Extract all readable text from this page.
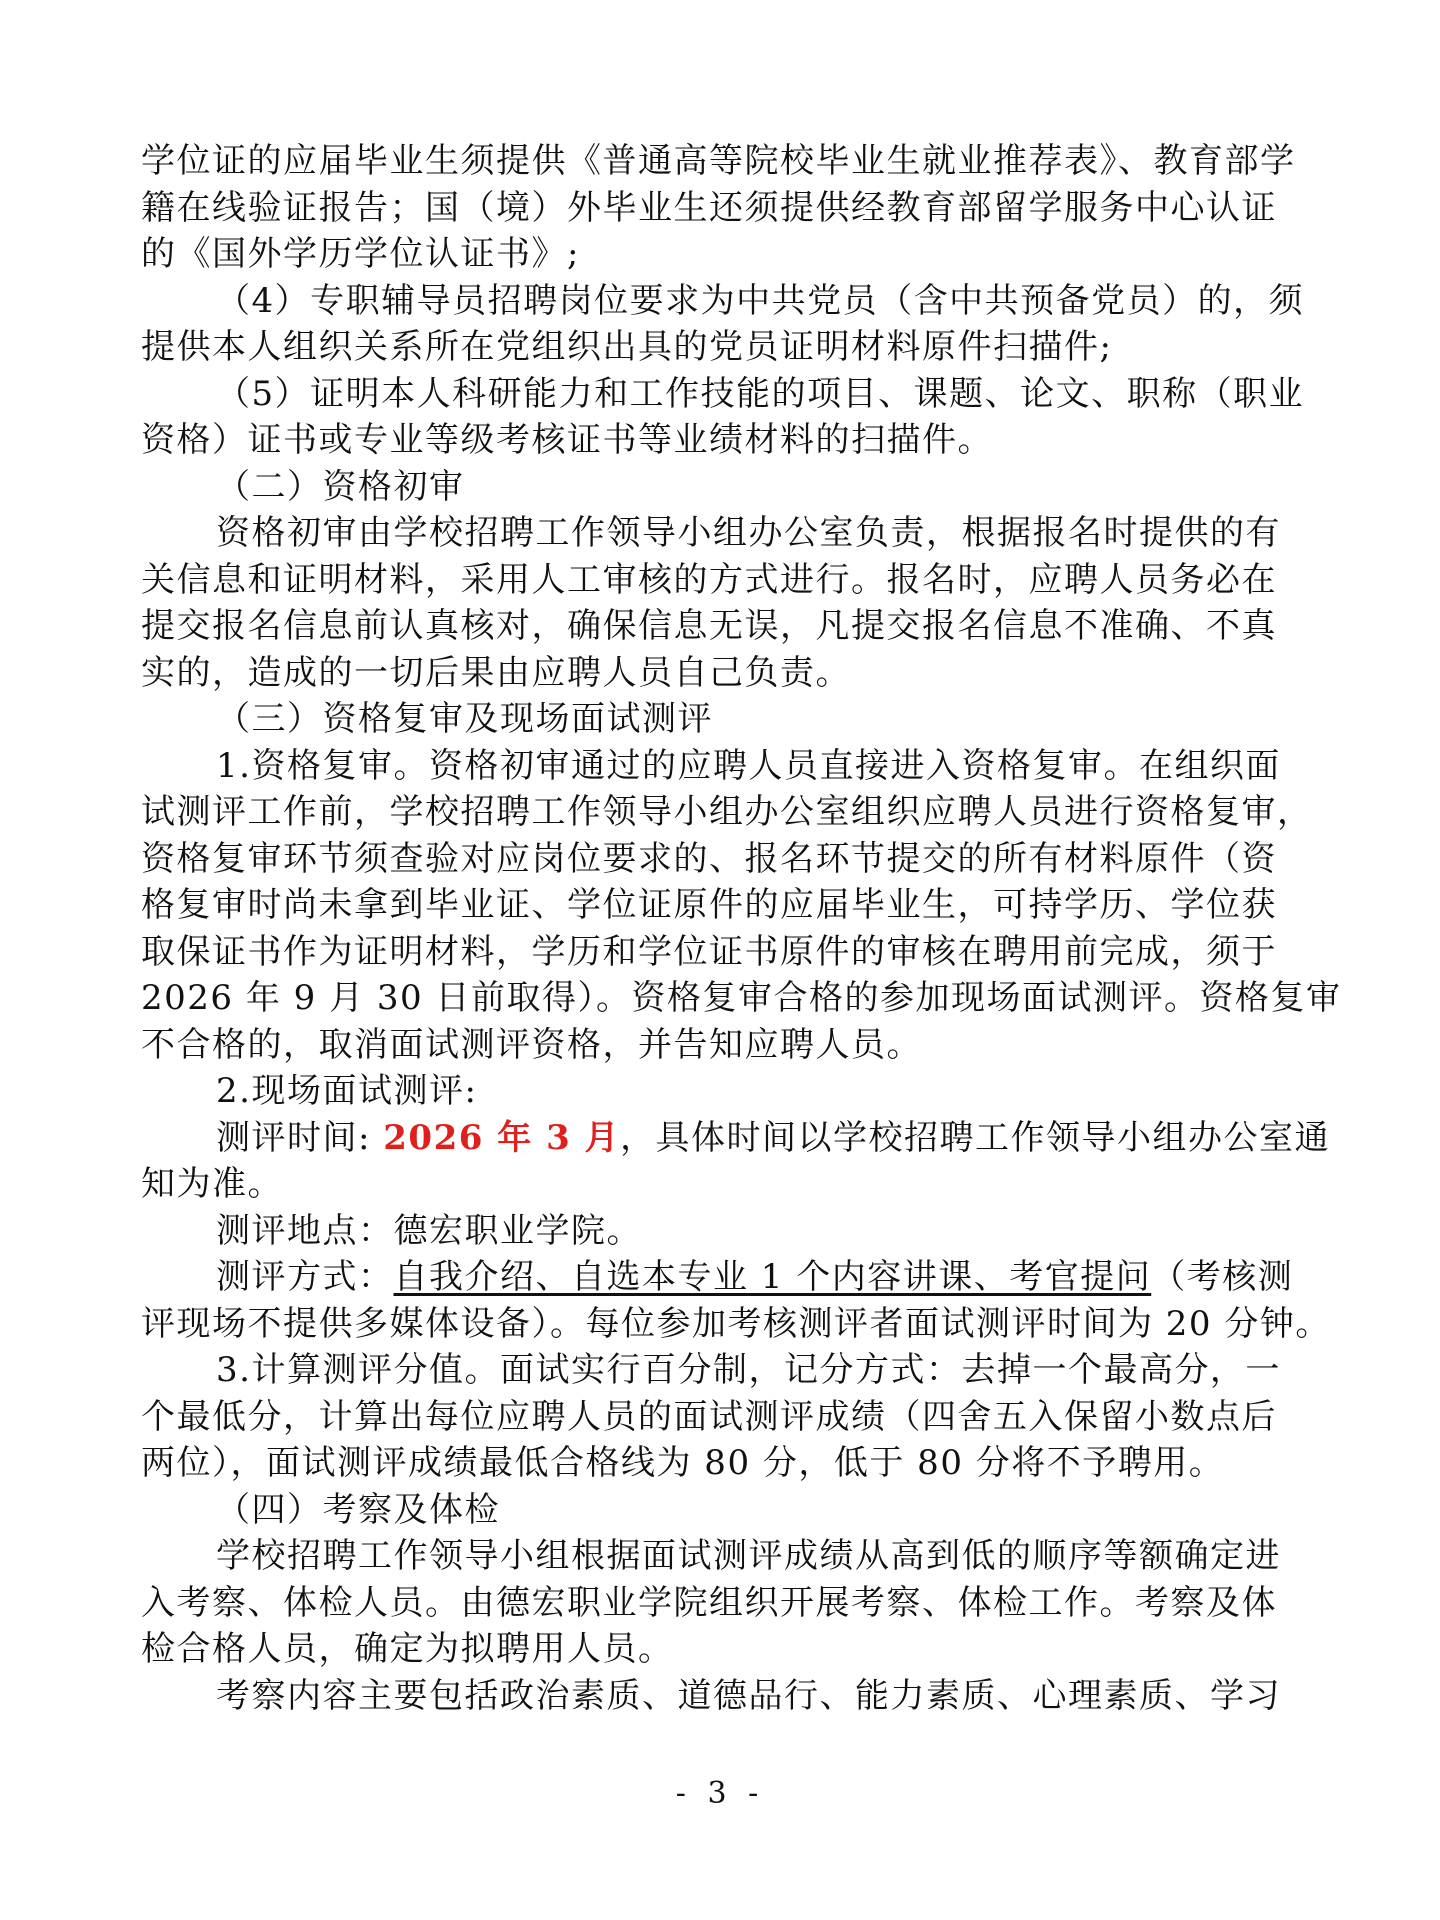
学位证的应届毕业生须提供《普通高等院校毕业生就业推荐表》、教育部学
籍在线验证报告；国（境）外毕业生还须提供经教育部留学服务中心认证
的《国外学历学位认证书》;
（4）专职辅导员招聘岗位要求为中共党员（含中共预备党员）的，须
提供本人组织关系所在党组织出具的党员证明材料原件扫描件;
（5）证明本人科研能力和工作技能的项目、课题、论文、职称（职业
资格）证书或专业等级考核证书等业绩材料的扫描件。
（二）资格初审
资格初审由学校招聘工作领导小组办公室负责，根据报名时提供的有
关信息和证明材料，采用人工审核的方式进行。报名时，应聘人员务必在
提交报名信息前认真核对，确保信息无误，凡提交报名信息不准确、不真
实的，造成的一切后果由应聘人员自己负责。
（三）资格复审及现场面试测评
1.资格复审。资格初审通过的应聘人员直接进入资格复审。在组织面
试测评工作前，学校招聘工作领导小组办公室组织应聘人员进行资格复审，
资格复审环节须查验对应岗位要求的、报名环节提交的所有材料原件（资
格复审时尚未拿到毕业证、学位证原件的应届毕业生，可持学历、学位获
取保证书作为证明材料，学历和学位证书原件的审核在聘用前完成，须于
2026 年 9 月 30 日前取得）。资格复审合格的参加现场面试测评。资格复审
不合格的，取消面试测评资格，并告知应聘人员。
2.现场面试测评:
测评时间: 2026 年 3 月，具体时间以学校招聘工作领导小组办公室通
知为准。
测评地点：德宏职业学院。
测评方式：自我介绍、自选本专业 1 个内容讲课、考官提问（考核测
评现场不提供多媒体设备）。每位参加考核测评者面试测评时间为 20 分钟。
3.计算测评分值。面试实行百分制，记分方式：去掉一个最高分，一
个最低分，计算出每位应聘人员的面试测评成绩（四舍五入保留小数点后
两位），面试测评成绩最低合格线为 80 分，低于 80 分将不予聘用。
（四）考察及体检
学校招聘工作领导小组根据面试测评成绩从高到低的顺序等额确定进
入考察、体检人员。由德宏职业学院组织开展考察、体检工作。考察及体
检合格人员，确定为拟聘用人员。
考察内容主要包括政治素质、道德品行、能力素质、心理素质、学习
- 3 -
